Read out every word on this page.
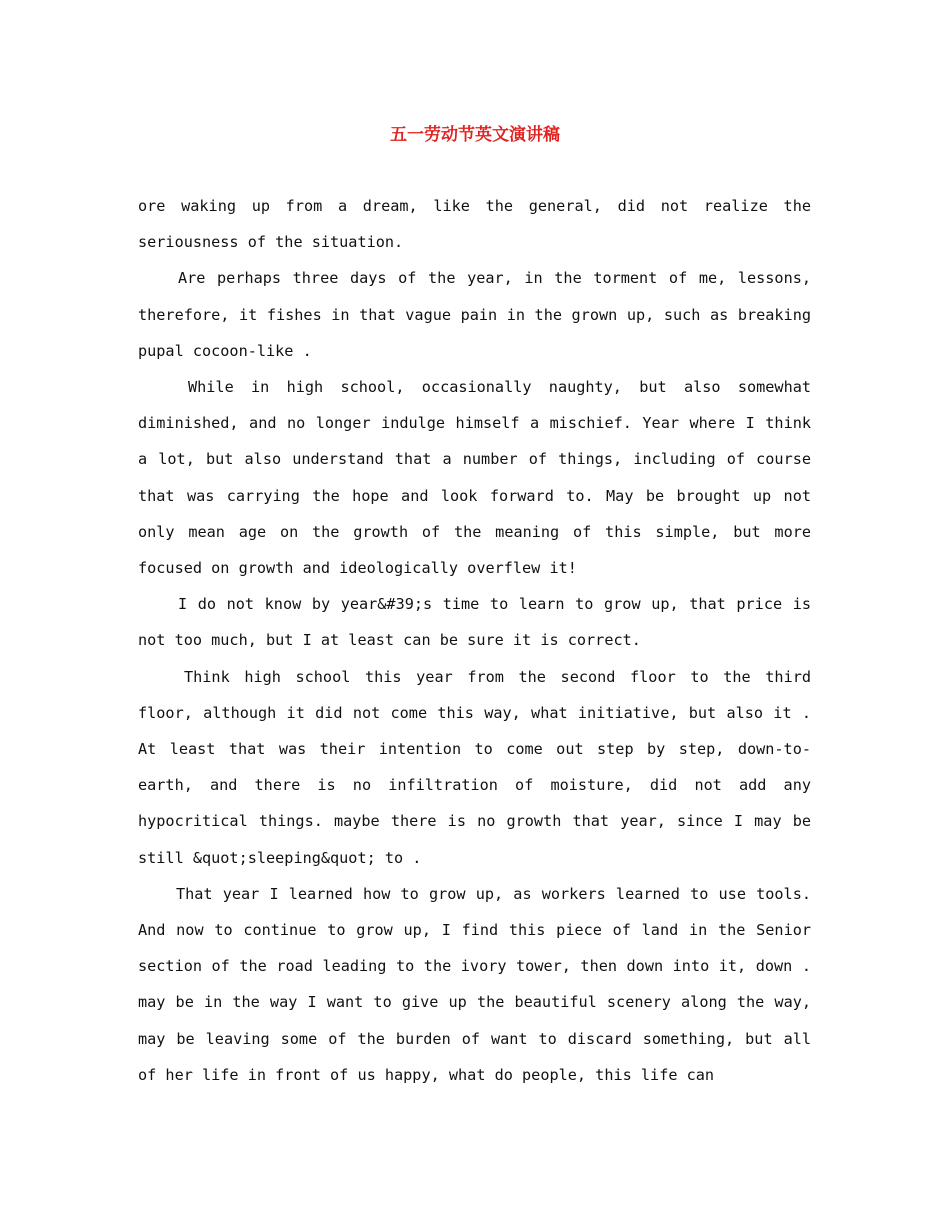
五一劳动节英文演讲稿

ore waking up from a dream, like the general, did not realize the seriousness of the situation.

Are perhaps three days of the year, in the torment of me, lessons, therefore, it fishes in that vague pain in the grown up, such as breaking pupal cocoon-like .

While in high school, occasionally naughty, but also somewhat diminished, and no longer indulge himself a mischief. Year where I think a lot, but also understand that a number of things, including of course that was carrying the hope and look forward to. May be brought up not only mean age on the growth of the meaning of this simple, but more focused on growth and ideologically overflew it!

I do not know by year&#39;s time to learn to grow up, that price is not too much, but I at least can be sure it is correct.

Think high school this year from the second floor to the third floor, although it did not come this way, what initiative, but also it . At least that was their intention to come out step by step, down-to-earth, and there is no infiltration of moisture, did not add any hypocritical things. maybe there is no growth that year, since I may be still &quot;sleeping&quot; to .

That year I learned how to grow up, as workers learned to use tools. And now to continue to grow up, I find this piece of land in the Senior section of the road leading to the ivory tower, then down into it, down . may be in the way I want to give up the beautiful scenery along the way, may be leaving some of the burden of want to discard something, but all of her life in front of us happy, what do people, this life can
